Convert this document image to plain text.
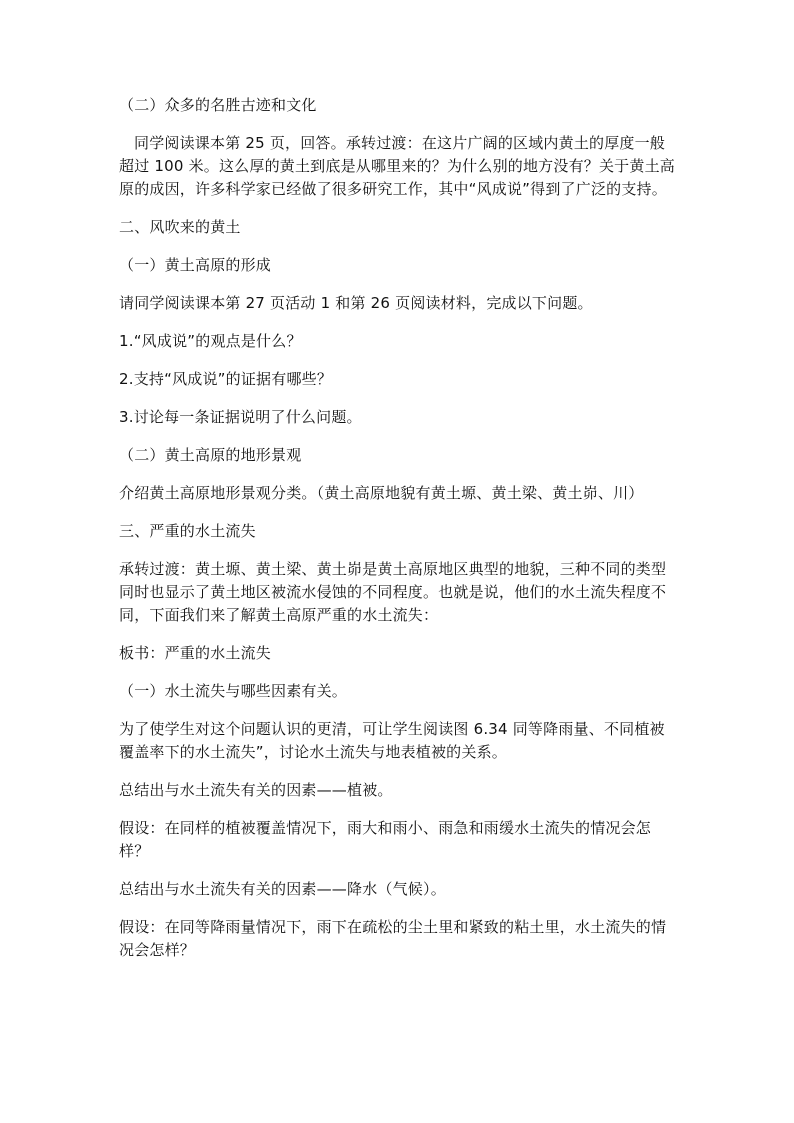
（二）众多的名胜古迹和文化

同学阅读课本第 25 页，回答。承转过渡：在这片广阔的区域内黄土的厚度一般超过 100 米。这么厚的黄土到底是从哪里来的？为什么别的地方没有？关于黄土高原的成因，许多科学家已经做了很多研究工作，其中“风成说”得到了广泛的支持。

二、风吹来的黄土

（一）黄土高原的形成

请同学阅读课本第 27 页活动 1 和第 26 页阅读材料，完成以下问题。

1.“风成说”的观点是什么？

2.支持“风成说”的证据有哪些？

3.讨论每一条证据说明了什么问题。

（二）黄土高原的地形景观

介绍黄土高原地形景观分类。（黄土高原地貌有黄土塬、黄土梁、黄土峁、川）

三、严重的水土流失

承转过渡：黄土塬、黄土梁、黄土峁是黄土高原地区典型的地貌，三种不同的类型同时也显示了黄土地区被流水侵蚀的不同程度。也就是说，他们的水土流失程度不同，下面我们来了解黄土高原严重的水土流失：

板书：严重的水土流失

（一）水土流失与哪些因素有关。

为了使学生对这个问题认识的更清，可让学生阅读图 6.34 同等降雨量、不同植被覆盖率下的水土流失”，讨论水土流失与地表植被的关系。

总结出与水土流失有关的因素——植被。

假设：在同样的植被覆盖情况下，雨大和雨小、雨急和雨缓水土流失的情况会怎样？

总结出与水土流失有关的因素——降水（气候）。

假设：在同等降雨量情况下，雨下在疏松的尘土里和紧致的粘土里，水土流失的情况会怎样？
